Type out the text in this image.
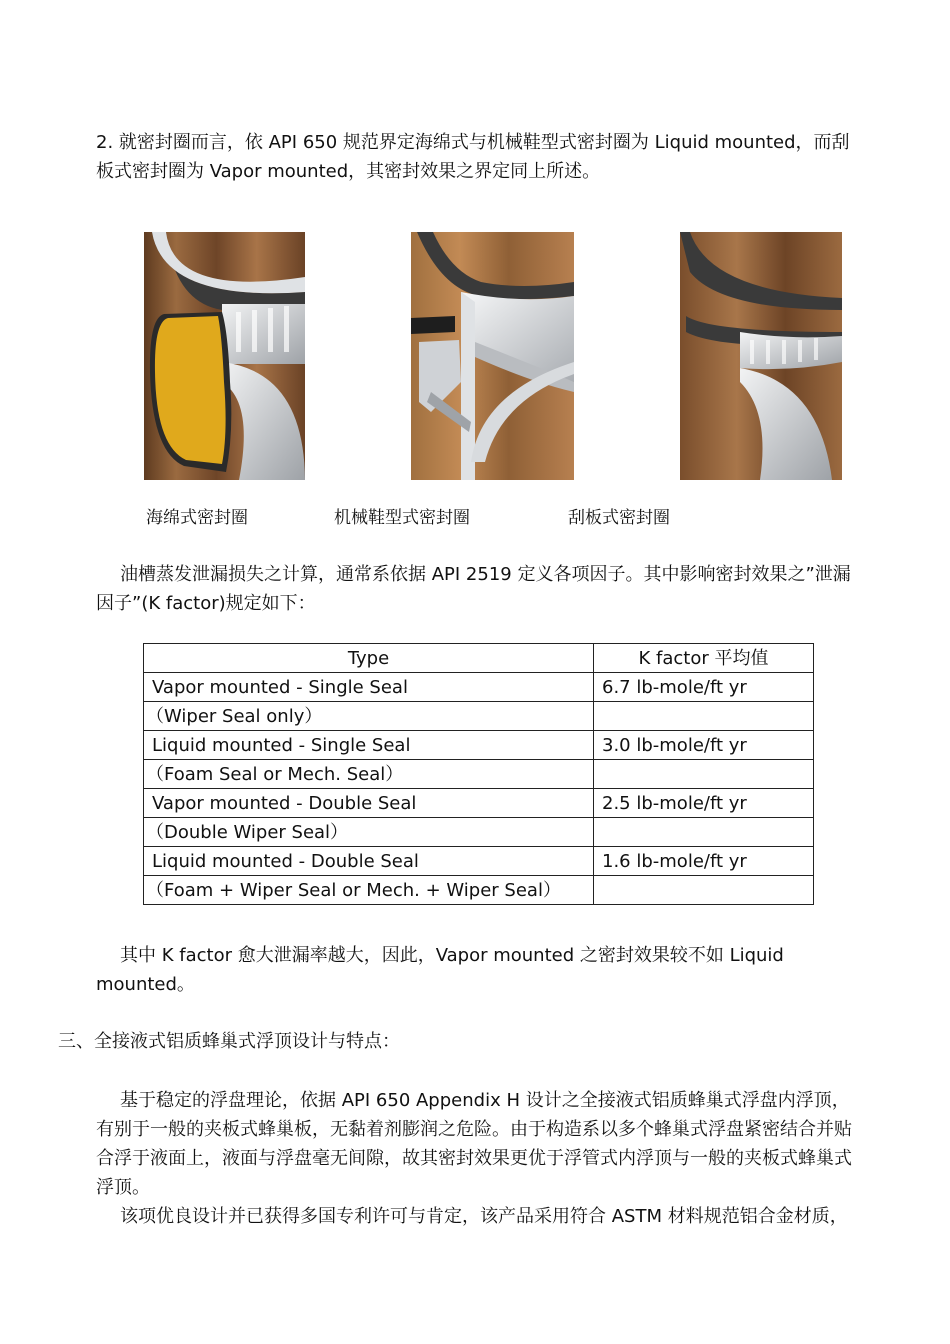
2. 就密封圈而言，依 API 650 规范界定海绵式与机械鞋型式密封圈为 Liquid mounted，而刮
板式密封圈为 Vapor mounted，其密封效果之界定同上所述。

海绵式密封圈	机械鞋型式密封圈	刮板式密封圈

油槽蒸发泄漏损失之计算，通常系依据 API 2519 定义各项因子。其中影响密封效果之”泄漏
因子”(K factor)规定如下：

Type	K factor 平均值
Vapor mounted - Single Seal	6.7 lb-mole/ft yr
（Wiper Seal only）	
Liquid mounted - Single Seal	3.0 lb-mole/ft yr
（Foam Seal or Mech. Seal）	
Vapor mounted - Double Seal	2.5 lb-mole/ft yr
（Double Wiper Seal）	
Liquid mounted - Double Seal	1.6 lb-mole/ft yr
（Foam + Wiper Seal or Mech. + Wiper Seal）	

其中 K factor 愈大泄漏率越大，因此，Vapor mounted 之密封效果较不如 Liquid
mounted。

三、全接液式铝质蜂巢式浮顶设计与特点：

基于稳定的浮盘理论，依据 API 650 Appendix H 设计之全接液式铝质蜂巢式浮盘内浮顶，
有别于一般的夹板式蜂巢板，无黏着剂膨润之危险。由于构造系以多个蜂巢式浮盘紧密结合并贴
合浮于液面上，液面与浮盘毫无间隙，故其密封效果更优于浮管式内浮顶与一般的夹板式蜂巢式
浮顶。

该项优良设计并已获得多国专利许可与肯定，该产品采用符合 ASTM 材料规范铝合金材质，
